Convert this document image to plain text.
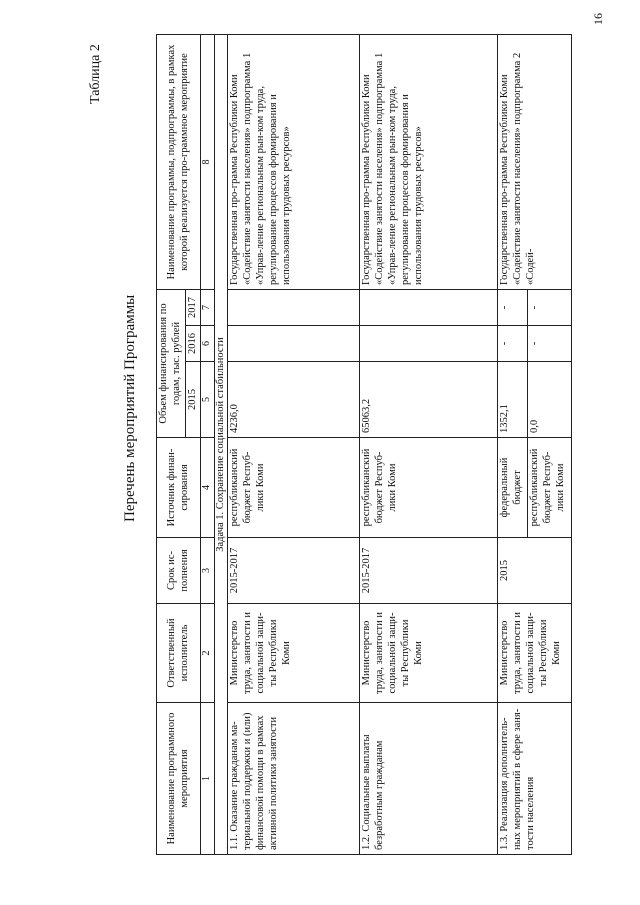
16
Таблица 2
Перечень мероприятий Программы
Наименование программного мероприятия	Ответственный исполнитель	Срок ис-полнения	Источник финан-сирования	Объем финансирования по годам, тыс. рублей			Наименование программы, подпрограммы, в рамках которой реализуется про-граммное мероприятие
				2015	2016	2017	
1	2	3	4	5	6	7	8
Задача 1. Сохранение социальной стабильности							
1.1. Оказание гражданам ма-териальной поддержки и (или) финансовой помощи в рамках активной политики занятости	Министерство труда, занятости и социальной защи-ты Республики Коми	2015-2017	республиканский бюджет Респуб-лики Коми	4236,0			Государственная про-грамма Республики Коми «Содействие занятости населения» подпрограмма 1 «Управ-ление региональным рын-ком труда, регулирование процессов формирования и использования трудовых ресурсов»
1.2. Социальные выплаты безработным гражданам	Министерство труда, занятости и социальной защи-ты Республики Коми	2015-2017	республиканский бюджет Респуб-лики Коми	65063,2			Государственная про-грамма Республики Коми «Содействие занятости населения» подпрограмма 1 «Управ-ление региональным рын-ком труда, регулирование процессов формирования и использования трудовых ресурсов»
1.3. Реализация дополнитель-ных мероприятий в сфере заня-тости населения	Министерство труда, занятости и социальной защи-ты Республики Коми	2015	федеральный бюджет	1352,1	-	-	Государственная про-грамма Республики Коми «Содействие занятости населения» подпрограмма 2 «Содей-
			республиканский бюджет Респуб-лики Коми	0,0	-	-	
